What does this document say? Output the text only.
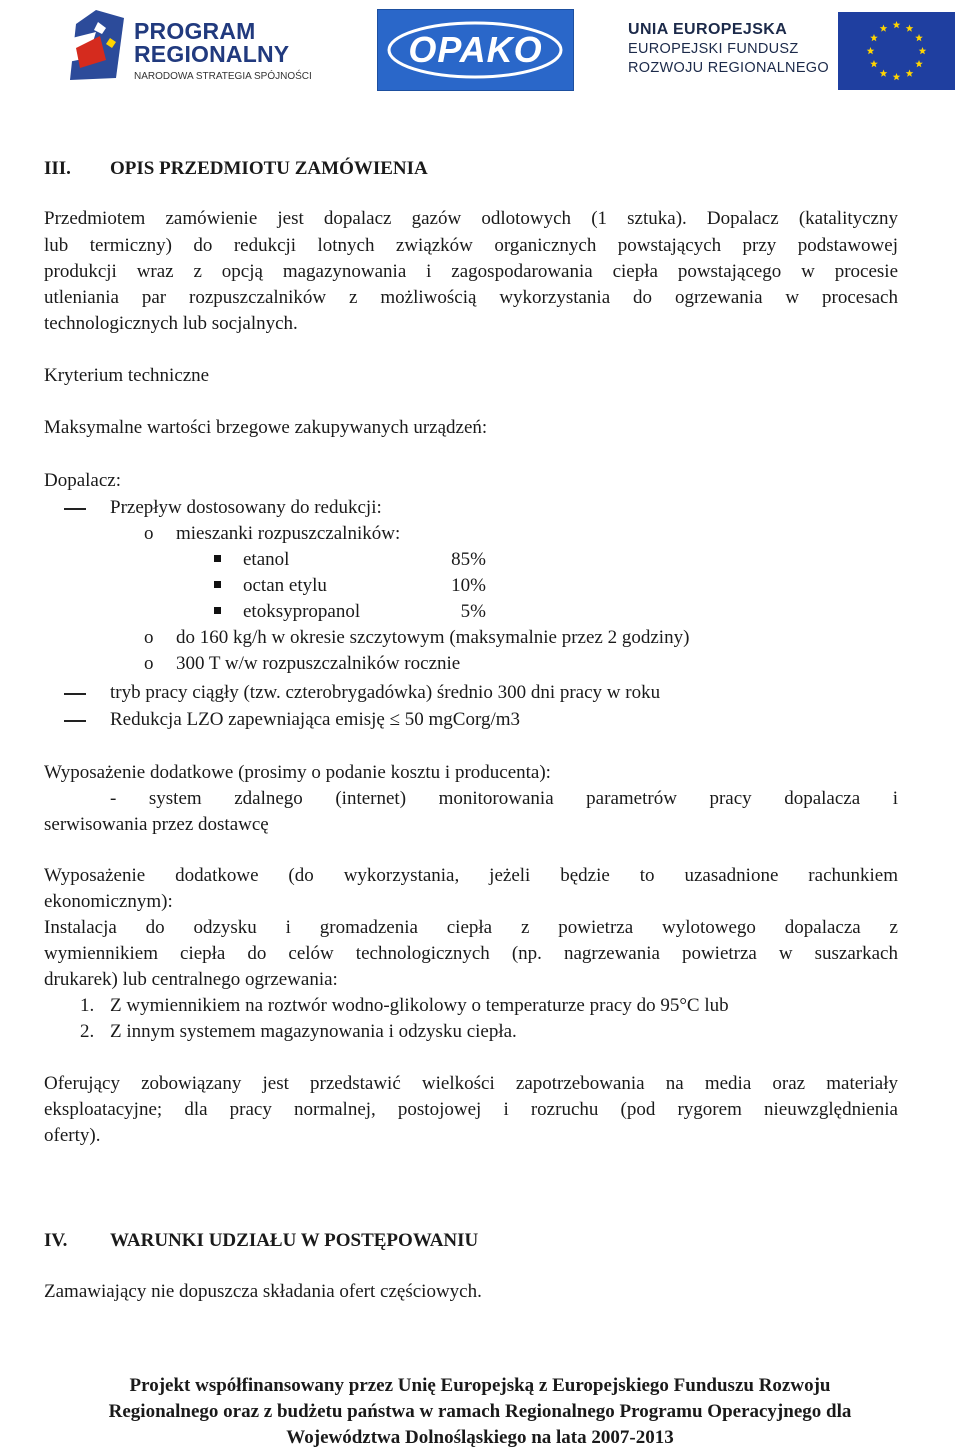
PROGRAM
REGIONALNY
NARODOWA STRATEGIA SPÓJNOŚCI
OPAKO	UNIA EUROPEJSKA
EUROPEJSKI FUNDUSZ
ROZWOJU REGIONALNEGO
III. OPIS PRZEDMIOTU ZAMÓWIENIA
Przedmiotem zamówienie jest dopalacz gazów odlotowych (1 sztuka). Dopalacz (katalityczny
lub termiczny) do redukcji lotnych związków organicznych powstających przy podstawowej
produkcji wraz z opcją magazynowania i zagospodarowania ciepła powstającego w procesie
utleniania par rozpuszczalników z możliwością wykorzystania do ogrzewania w procesach
technologicznych lub socjalnych.
Kryterium techniczne
Maksymalne wartości brzegowe zakupywanych urządzeń:
Dopalacz:
Przepływ dostosowany do redukcji:
o mieszanki rozpuszczalników:
etanol	85%
octan etylu	10%
etoksypropanol	5%
o do 160 kg/h w okresie szczytowym (maksymalnie przez 2 godziny)
o 300 T w/w rozpuszczalników rocznie
tryb pracy ciągły (tzw. czterobrygadówka) średnio 300 dni pracy w roku
Redukcja LZO zapewniająca emisję ≤ 50 mgCorg/m3
Wyposażenie dodatkowe (prosimy o podanie kosztu i producenta):
- system zdalnego (internet) monitorowania parametrów pracy dopalacza i
serwisowania przez dostawcę
Wyposażenie dodatkowe (do wykorzystania, jeżeli będzie to uzasadnione rachunkiem
ekonomicznym):
Instalacja do odzysku i gromadzenia ciepła z powietrza wylotowego dopalacza z
wymiennikiem ciepła do celów technologicznych (np. nagrzewania powietrza w suszarkach
drukarek) lub centralnego ogrzewania:
1. Z wymiennikiem na roztwór wodno-glikolowy o temperaturze pracy do 95°C lub
2. Z innym systemem magazynowania i odzysku ciepła.
Oferujący zobowiązany jest przedstawić wielkości zapotrzebowania na media oraz materiały
eksploatacyjne; dla pracy normalnej, postojowej i rozruchu (pod rygorem nieuwzględnienia
oferty).
IV. WARUNKI UDZIAŁU W POSTĘPOWANIU
Zamawiający nie dopuszcza składania ofert częściowych.
Projekt współfinansowany przez Unię Europejską z Europejskiego Funduszu Rozwoju
Regionalnego oraz z budżetu państwa w ramach Regionalnego Programu Operacyjnego dla
Województwa Dolnośląskiego na lata 2007-2013
